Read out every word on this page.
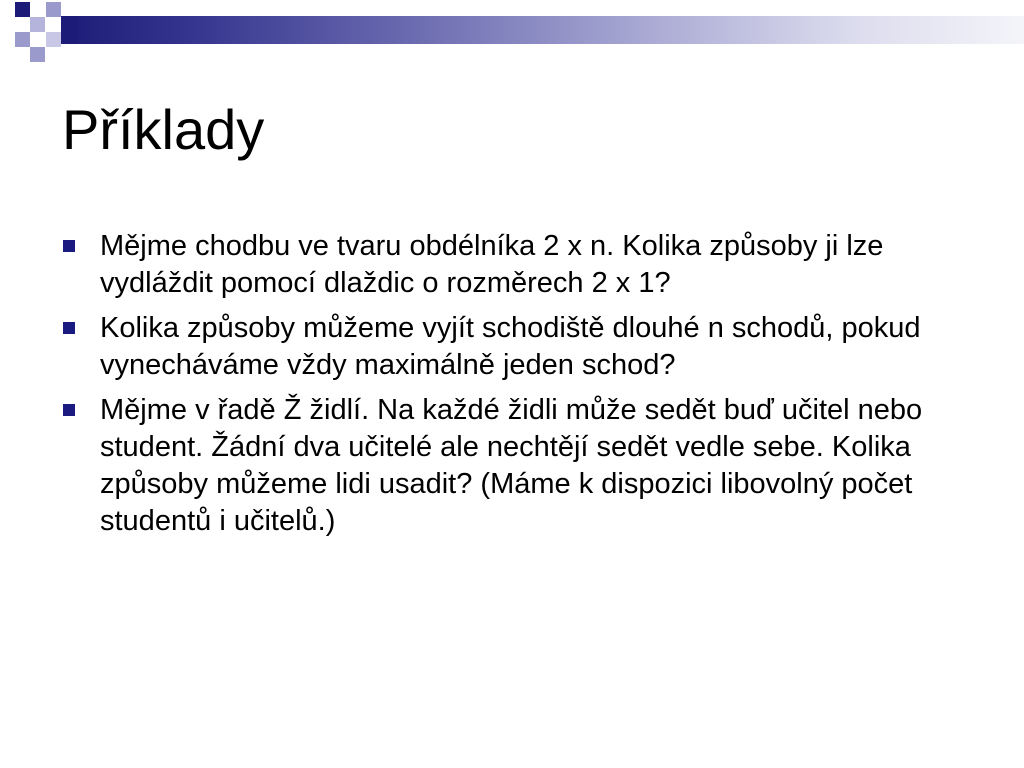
Příklady
Mějme chodbu ve tvaru obdélníka 2 x n. Kolika způsoby ji lze vydláždit pomocí dlaždic o rozměrech 2 x 1?
Kolika způsoby můžeme vyjít schodiště dlouhé n schodů, pokud vynecháváme vždy maximálně jeden schod?
Mějme v řadě Ž židlí. Na každé židli může sedět buď učitel nebo student. Žádní dva učitelé ale nechtějí sedět vedle sebe. Kolika způsoby můžeme lidi usadit? (Máme k dispozici libovolný počet studentů i učitelů.)
